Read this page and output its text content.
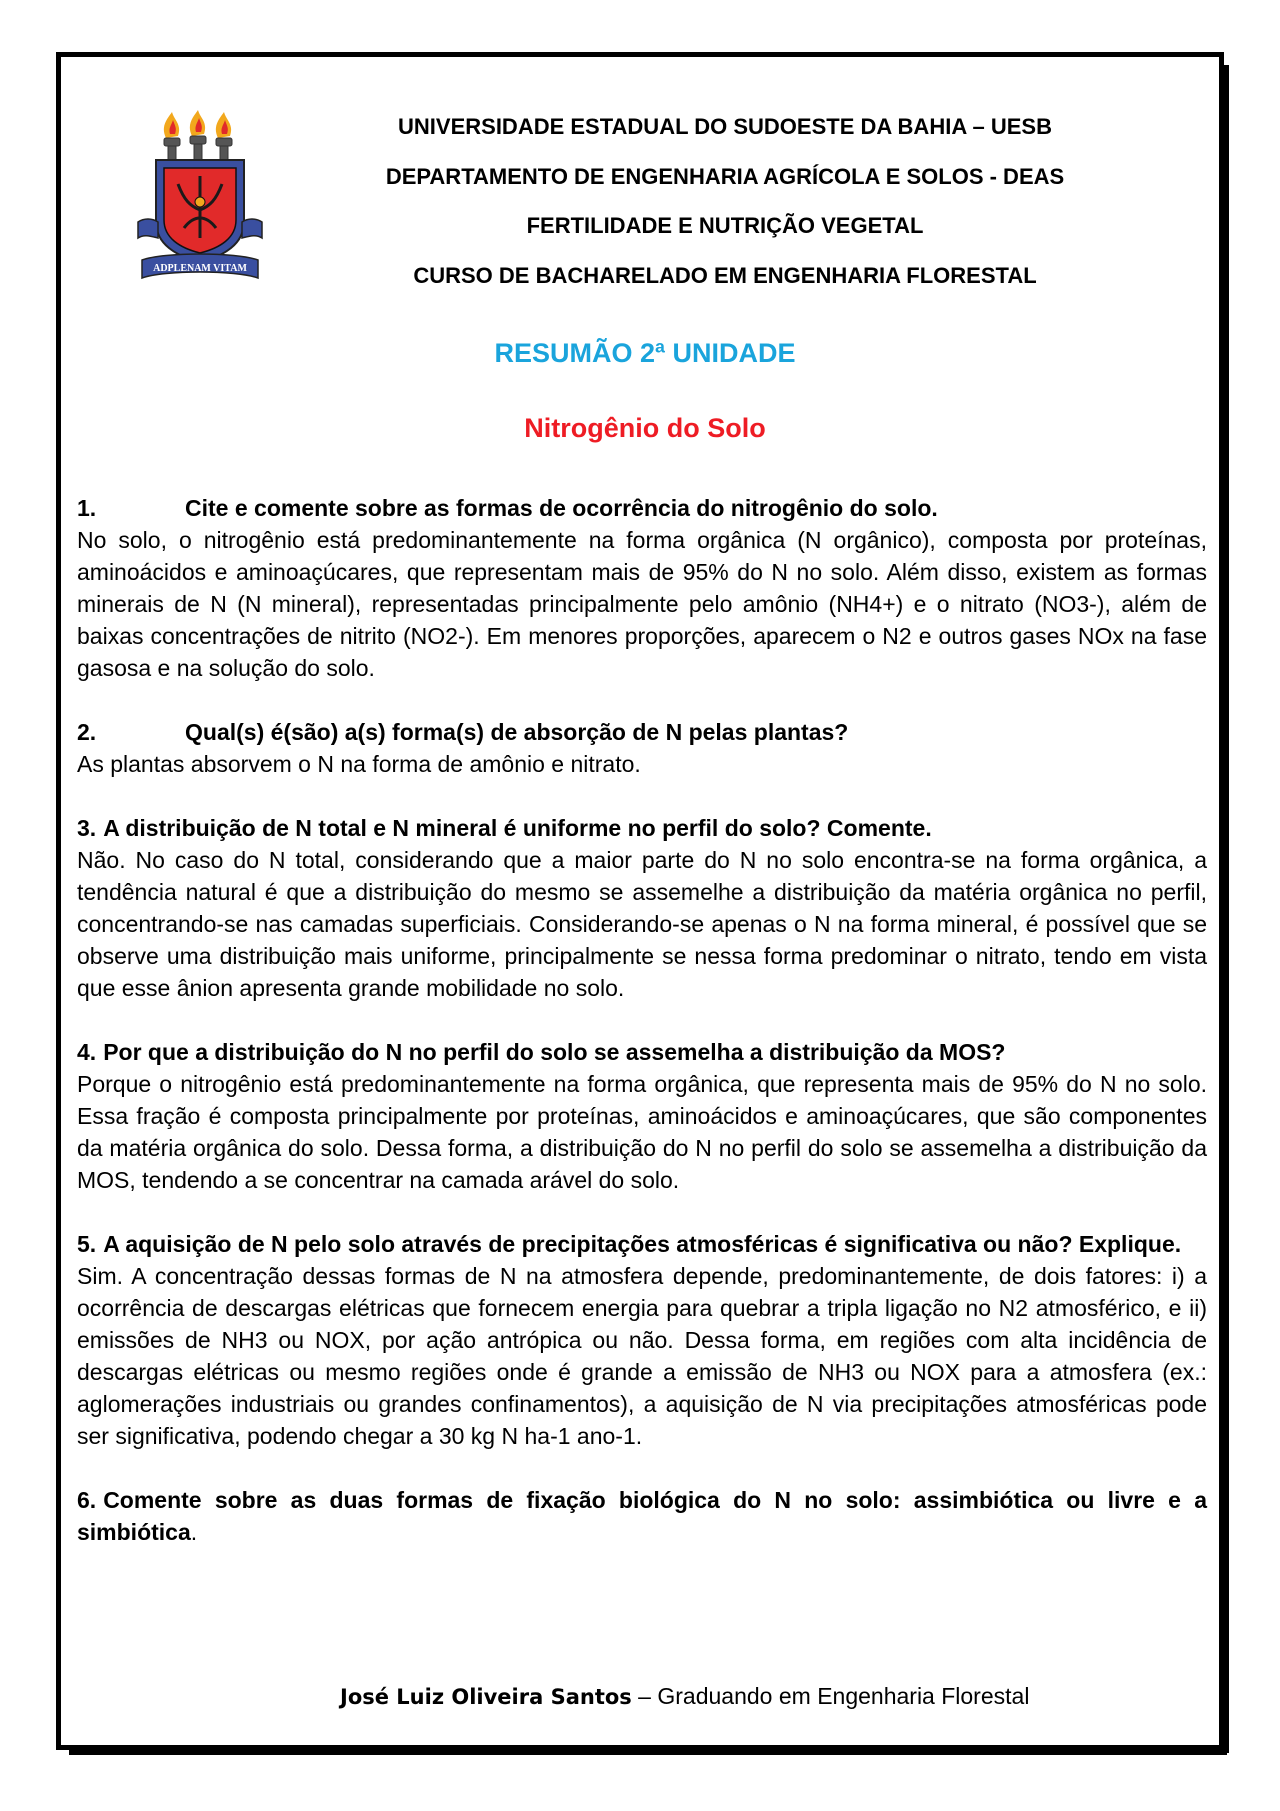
ADPLENAM VITAM
UNIVERSIDADE ESTADUAL DO SUDOESTE DA BAHIA – UESB
DEPARTAMENTO DE ENGENHARIA AGRÍCOLA E SOLOS - DEAS
FERTILIDADE E NUTRIÇÃO VEGETAL
CURSO DE BACHARELADO EM ENGENHARIA FLORESTAL
RESUMÃO 2ª UNIDADE
Nitrogênio do Solo

1.	Cite e comente sobre as formas de ocorrência do nitrogênio do solo.

No solo, o nitrogênio está predominantemente na forma orgânica (N orgânico), composta por proteínas, aminoácidos e aminoaçúcares, que representam mais de 95% do N no solo. Além disso, existem as formas minerais de N (N mineral), representadas principalmente pelo amônio (NH4+) e o nitrato (NO3-), além de baixas concentrações de nitrito (NO2-). Em menores proporções, aparecem o N2 e outros gases NOx na fase gasosa e na solução do solo.

2.	Qual(s) é(são) a(s) forma(s) de absorção de N pelas plantas?

As plantas absorvem o N na forma de amônio e nitrato.

3. A distribuição de N total e N mineral é uniforme no perfil do solo? Comente.

Não. No caso do N total, considerando que a maior parte do N no solo encontra-se na forma orgânica, a tendência natural é que a distribuição do mesmo se assemelhe a distribuição da matéria orgânica no perfil, concentrando-se nas camadas superficiais. Considerando-se apenas o N na forma mineral, é possível que se observe uma distribuição mais uniforme, principalmente se nessa forma predominar o nitrato, tendo em vista que esse ânion apresenta grande mobilidade no solo.

4. Por que a distribuição do N no perfil do solo se assemelha a distribuição da MOS?

Porque o nitrogênio está predominantemente na forma orgânica, que representa mais de 95% do N no solo. Essa fração é composta principalmente por proteínas, aminoácidos e aminoaçúcares, que são componentes da matéria orgânica do solo. Dessa forma, a distribuição do N no perfil do solo se assemelha a distribuição da MOS, tendendo a se concentrar na camada arável do solo.

5. A aquisição de N pelo solo através de precipitações atmosféricas é significativa ou não? Explique.

Sim. A concentração dessas formas de N na atmosfera depende, predominantemente, de dois fatores: i) a ocorrência de descargas elétricas que fornecem energia para quebrar a tripla ligação no N2 atmosférico, e ii) emissões de NH3 ou NOX, por ação antrópica ou não. Dessa forma, em regiões com alta incidência de descargas elétricas ou mesmo regiões onde é grande a emissão de NH3 ou NOX para a atmosfera (ex.: aglomerações industriais ou grandes confinamentos), a aquisição de N via precipitações atmosféricas pode ser significativa, podendo chegar a 30 kg N ha-1 ano-1.

6. Comente sobre as duas formas de fixação biológica do N no solo: assimbiótica ou livre e a simbiótica.

José Luiz Oliveira Santos – Graduando em Engenharia Florestal
